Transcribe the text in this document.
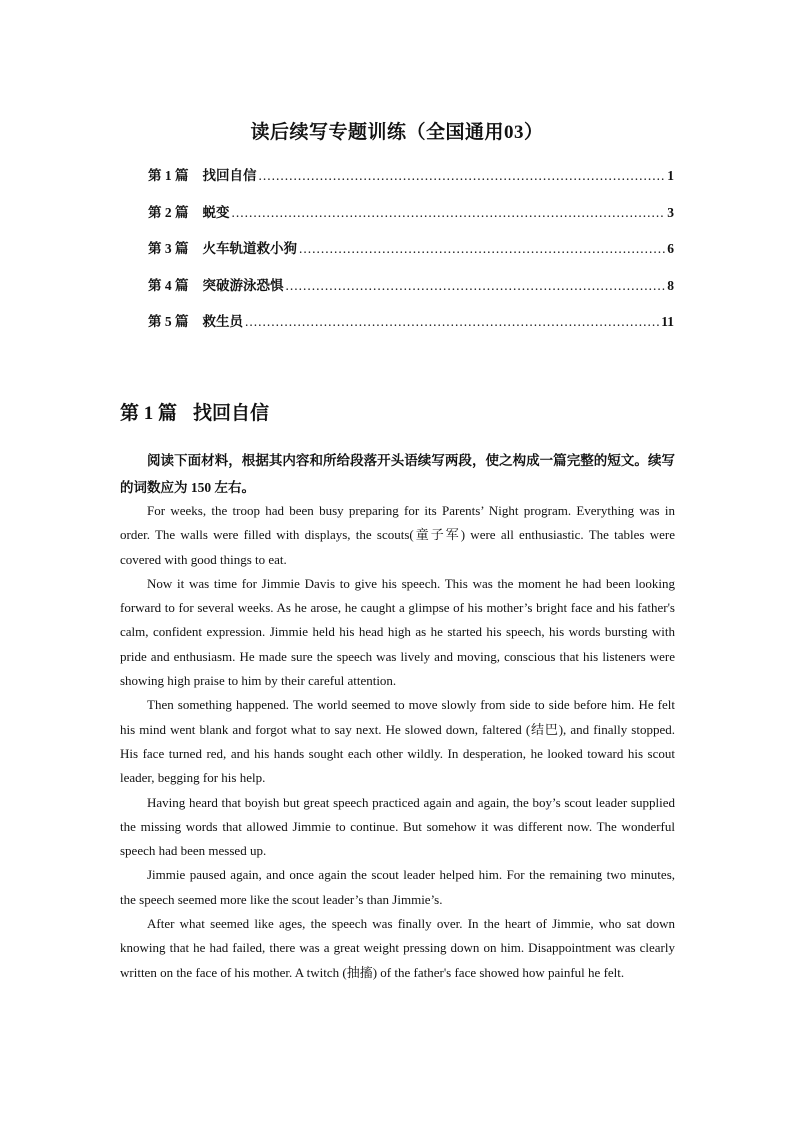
读后续写专题训练（全国通用03）
第 1 篇 找回自信 .....	1
第 2 篇 蜕变 .....	3
第 3 篇 火车轨道救小狗 .....	6
第 4 篇 突破游泳恐惧 .....	8
第 5 篇 救生员 .....	11
第 1 篇 找回自信
阅读下面材料，根据其内容和所给段落开头语续写两段，使之构成一篇完整的短文。续写的词数应为 150 左右。

For weeks, the troop had been busy preparing for its Parents’ Night program. Everything was in order. The walls were filled with displays, the scouts(童子军) were all enthusiastic. The tables were covered with good things to eat.

Now it was time for Jimmie Davis to give his speech. This was the moment he had been looking forward to for several weeks. As he arose, he caught a glimpse of his mother’s bright face and his father's calm, confident expression. Jimmie held his head high as he started his speech, his words bursting with pride and enthusiasm. He made sure the speech was lively and moving, conscious that his listeners were showing high praise to him by their careful attention.

Then something happened. The world seemed to move slowly from side to side before him. He felt his mind went blank and forgot what to say next. He slowed down, faltered (结巴), and finally stopped. His face turned red, and his hands sought each other wildly. In desperation, he looked toward his scout leader, begging for his help.

Having heard that boyish but great speech practiced again and again, the boy’s scout leader supplied the missing words that allowed Jimmie to continue. But somehow it was different now. The wonderful speech had been messed up.

Jimmie paused again, and once again the scout leader helped him. For the remaining two minutes, the speech seemed more like the scout leader’s than Jimmie’s.

After what seemed like ages, the speech was finally over. In the heart of Jimmie, who sat down knowing that he had failed, there was a great weight pressing down on him. Disappointment was clearly written on the face of his mother. A twitch (抽搐) of the father's face showed how painful he felt.
